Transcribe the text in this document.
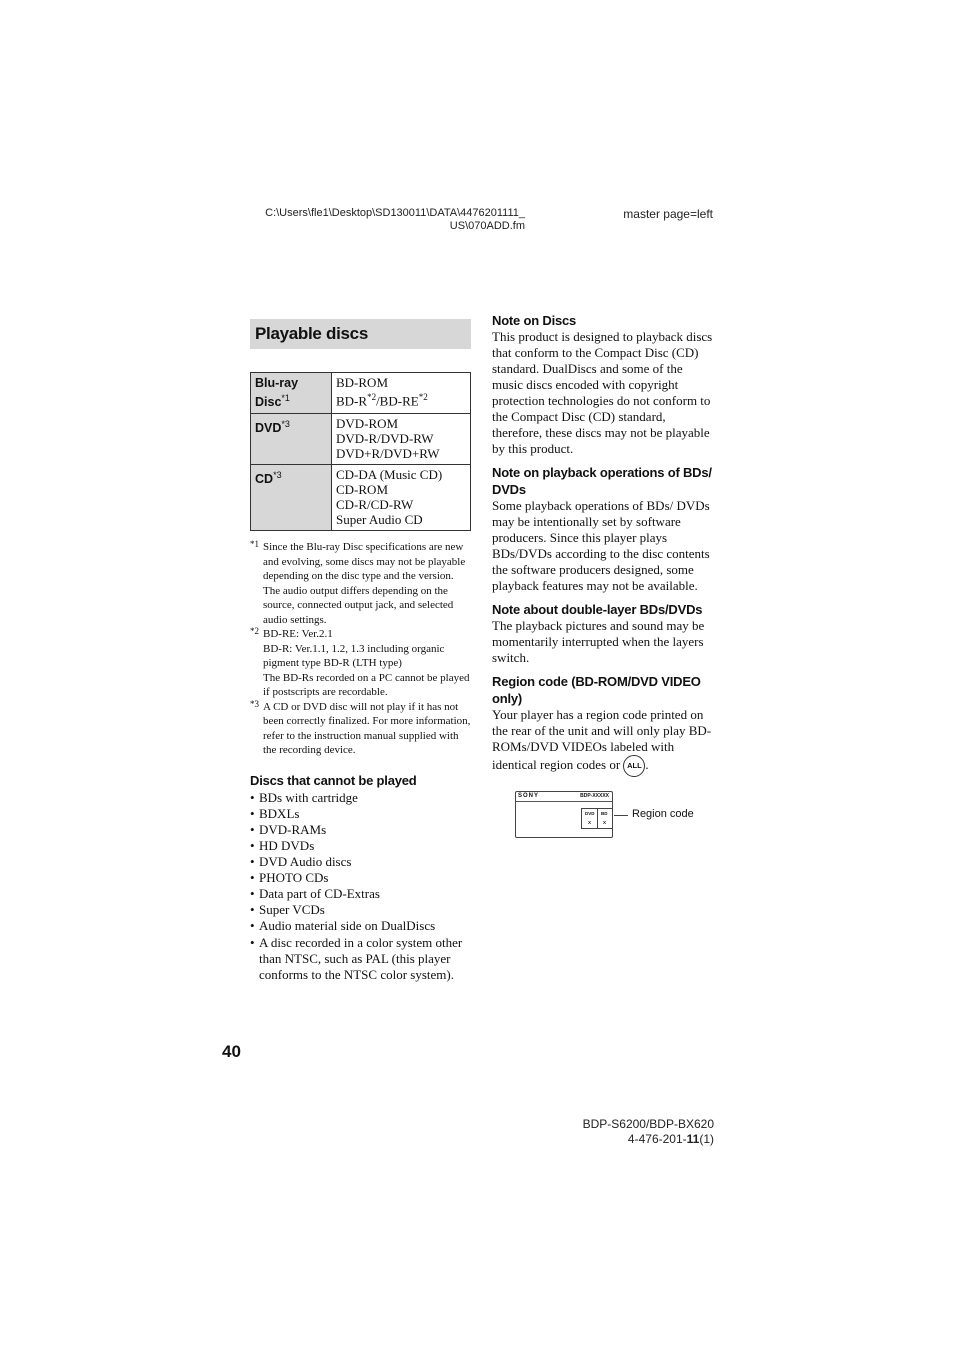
C:\Users\fle1\Desktop\SD130011\DATA\4476201111_
US\070ADD.fm
master page=left
Playable discs
Blu-ray Disc$^{*1}$	BD-ROM
$BD-R^{*2}/BD-RE^{*2}$

DVD$^{*3}$	DVD-ROM
DVD-R/DVD-RW
DVD+R/DVD+RW

CD$^{*3}$	CD-DA (Music CD)
CD-ROM
CD-R/CD-RW
Super Audio CD
*1 Since the Blu-ray Disc specifications are new and evolving, some discs may not be playable depending on the disc type and the version.

The audio output differs depending on the source, connected output jack, and selected audio settings.

*2 BD-RE: Ver.2.1

BD-R: Ver.1.1, 1.2, 1.3 including organic pigment type BD-R (LTH type)

The BD-Rs recorded on a PC cannot be played if postscripts are recordable.

*3 A CD or DVD disc will not play if it has not been correctly finalized. For more information, refer to the instruction manual supplied with the recording device.

Discs that cannot be played
• BDs with cartridge
• BDXLs
• DVD-RAMs
• HD DVDs
• DVD Audio discs
• PHOTO CDs
• Data part of CD-Extras
• Super VCDs
• Audio material side on DualDiscs
• A disc recorded in a color system other than NTSC, such as PAL (this player conforms to the NTSC color system).
Note on Discs

This product is designed to playback discs that conform to the Compact Disc (CD) standard. DualDiscs and some of the music discs encoded with copyright protection technologies do not conform to the Compact Disc (CD) standard, therefore, these discs may not be playable by this product.

Note on playback operations of BDs/ DVDs

Some playback operations of BDs/ DVDs may be intentionally set by software producers. Since this player plays BDs/DVDs according to the disc contents the software producers designed, some playback features may not be available.

Note about double-layer BDs/DVDs

The playback pictures and sound may be momentarily interrupted when the layers switch.

Region code (BD-ROM/DVD VIDEO only)

Your player has a region code printed on the rear of the unit and will only play BD-ROMs/DVD VIDEOs labeled with identical region codes or ALL .

SONY	BDP-XXXXX
DVD BD
X	X
Region code
40
BDP-S6200/BDP-BX620
4-476-201-11(1)
